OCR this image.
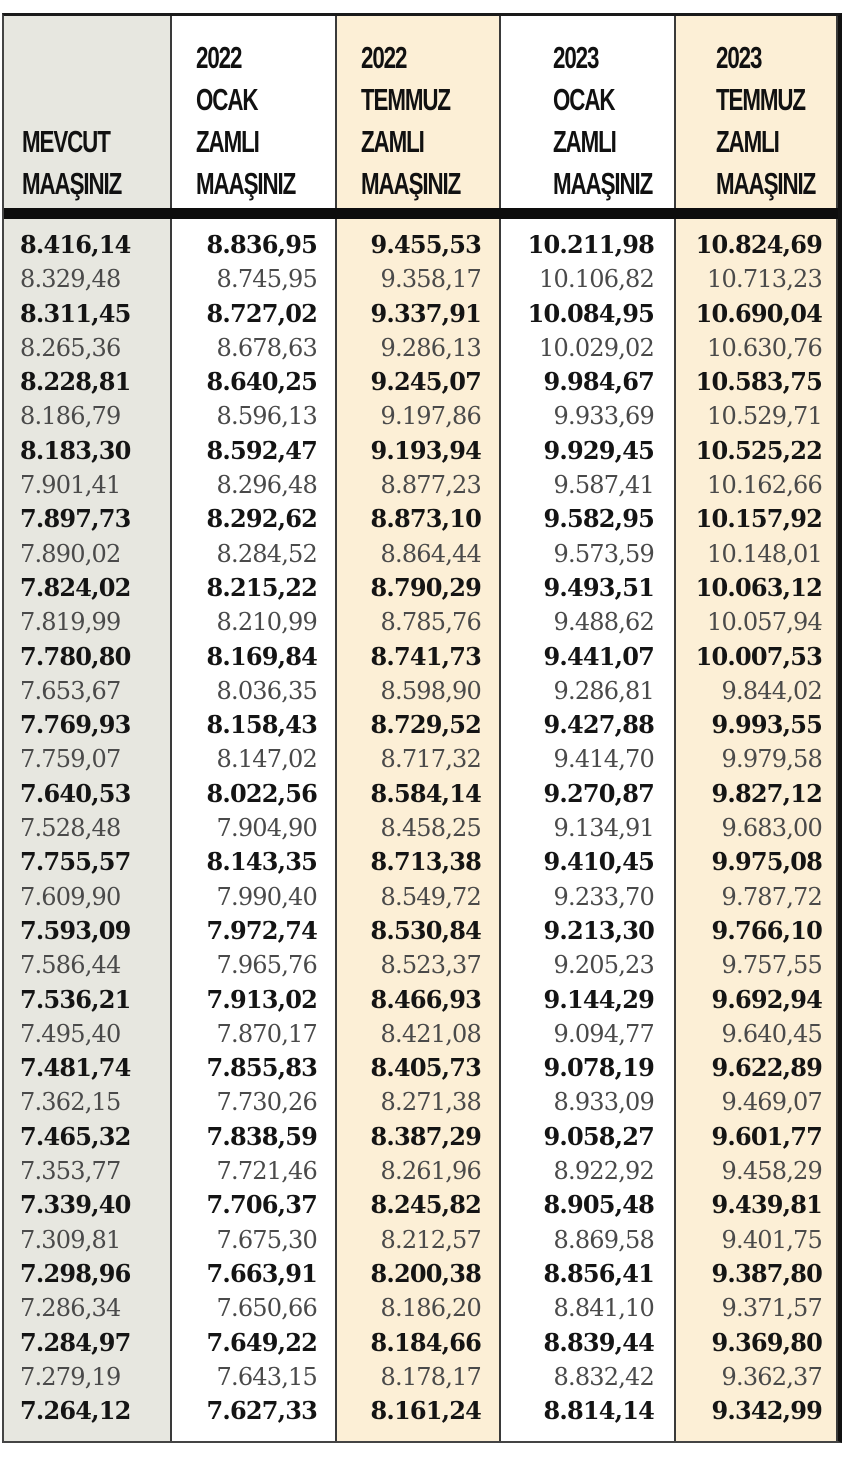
MEVCUT
MAAŞINIZ
8.416,14
8.329,48
8.311,45
8.265,36
8.228,81
8.186,79
8.183,30
7.901,41
7.897,73
7.890,02
7.824,02
7.819,99
7.780,80
7.653,67
7.769,93
7.759,07
7.640,53
7.528,48
7.755,57
7.609,90
7.593,09
7.586,44
7.536,21
7.495,40
7.481,74
7.362,15
7.465,32
7.353,77
7.339,40
7.309,81
7.298,96
7.286,34
7.284,97
7.279,19
7.264,12
2022
OCAK
ZAMLI
MAAŞINIZ
8.836,95
8.745,95
8.727,02
8.678,63
8.640,25
8.596,13
8.592,47
8.296,48
8.292,62
8.284,52
8.215,22
8.210,99
8.169,84
8.036,35
8.158,43
8.147,02
8.022,56
7.904,90
8.143,35
7.990,40
7.972,74
7.965,76
7.913,02
7.870,17
7.855,83
7.730,26
7.838,59
7.721,46
7.706,37
7.675,30
7.663,91
7.650,66
7.649,22
7.643,15
7.627,33
2022
TEMMUZ
ZAMLI
MAAŞINIZ
9.455,53
9.358,17
9.337,91
9.286,13
9.245,07
9.197,86
9.193,94
8.877,23
8.873,10
8.864,44
8.790,29
8.785,76
8.741,73
8.598,90
8.729,52
8.717,32
8.584,14
8.458,25
8.713,38
8.549,72
8.530,84
8.523,37
8.466,93
8.421,08
8.405,73
8.271,38
8.387,29
8.261,96
8.245,82
8.212,57
8.200,38
8.186,20
8.184,66
8.178,17
8.161,24
2023
OCAK
ZAMLI
MAAŞINIZ
10.211,98
10.106,82
10.084,95
10.029,02
9.984,67
9.933,69
9.929,45
9.587,41
9.582,95
9.573,59
9.493,51
9.488,62
9.441,07
9.286,81
9.427,88
9.414,70
9.270,87
9.134,91
9.410,45
9.233,70
9.213,30
9.205,23
9.144,29
9.094,77
9.078,19
8.933,09
9.058,27
8.922,92
8.905,48
8.869,58
8.856,41
8.841,10
8.839,44
8.832,42
8.814,14
2023
TEMMUZ
ZAMLI
MAAŞINIZ
10.824,69
10.713,23
10.690,04
10.630,76
10.583,75
10.529,71
10.525,22
10.162,66
10.157,92
10.148,01
10.063,12
10.057,94
10.007,53
9.844,02
9.993,55
9.979,58
9.827,12
9.683,00
9.975,08
9.787,72
9.766,10
9.757,55
9.692,94
9.640,45
9.622,89
9.469,07
9.601,77
9.458,29
9.439,81
9.401,75
9.387,80
9.371,57
9.369,80
9.362,37
9.342,99
